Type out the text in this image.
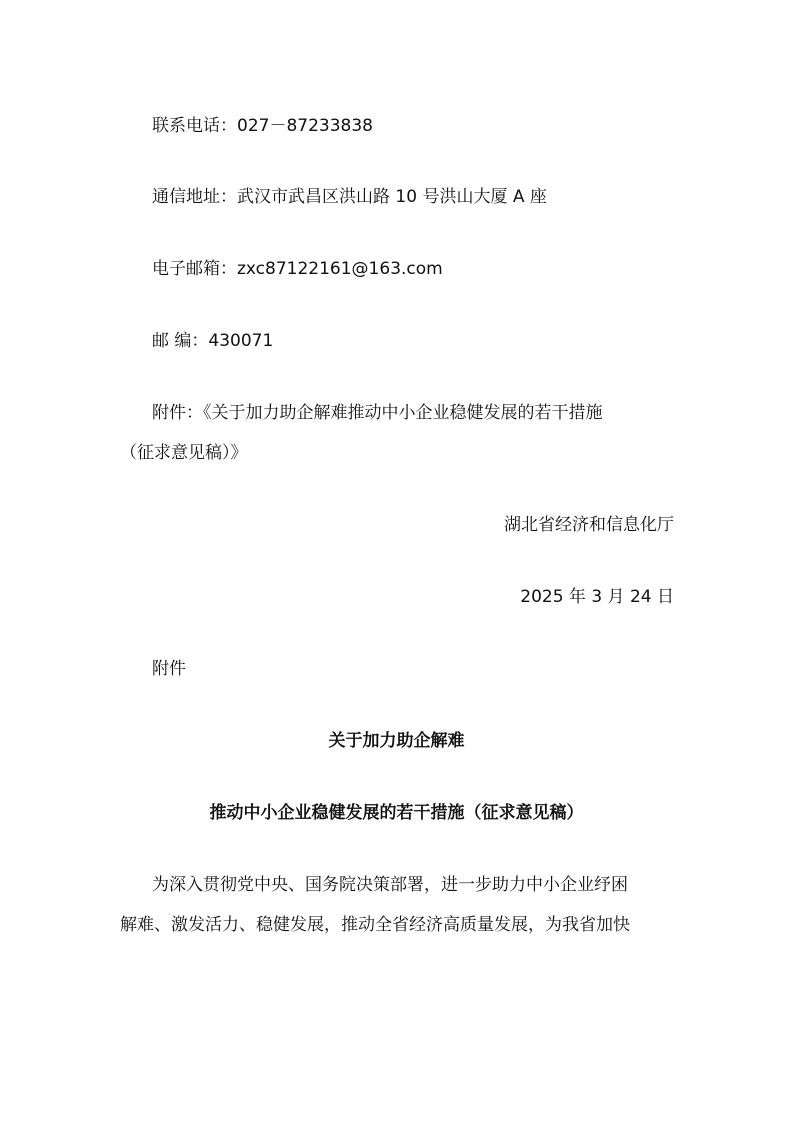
联系电话：027－87233838
通信地址：武汉市武昌区洪山路 10 号洪山大厦 A 座
电子邮箱：zxc87122161@163.com
邮 编：430071
附件：《关于加力助企解难推动中小企业稳健发展的若干措施
（征求意见稿）》
湖北省经济和信息化厅
2025 年 3 月 24 日
附件
关于加力助企解难
推动中小企业稳健发展的若干措施（征求意见稿）
为深入贯彻党中央、国务院决策部署，进一步助力中小企业纾困
解难、激发活力、稳健发展，推动全省经济高质量发展，为我省加快
